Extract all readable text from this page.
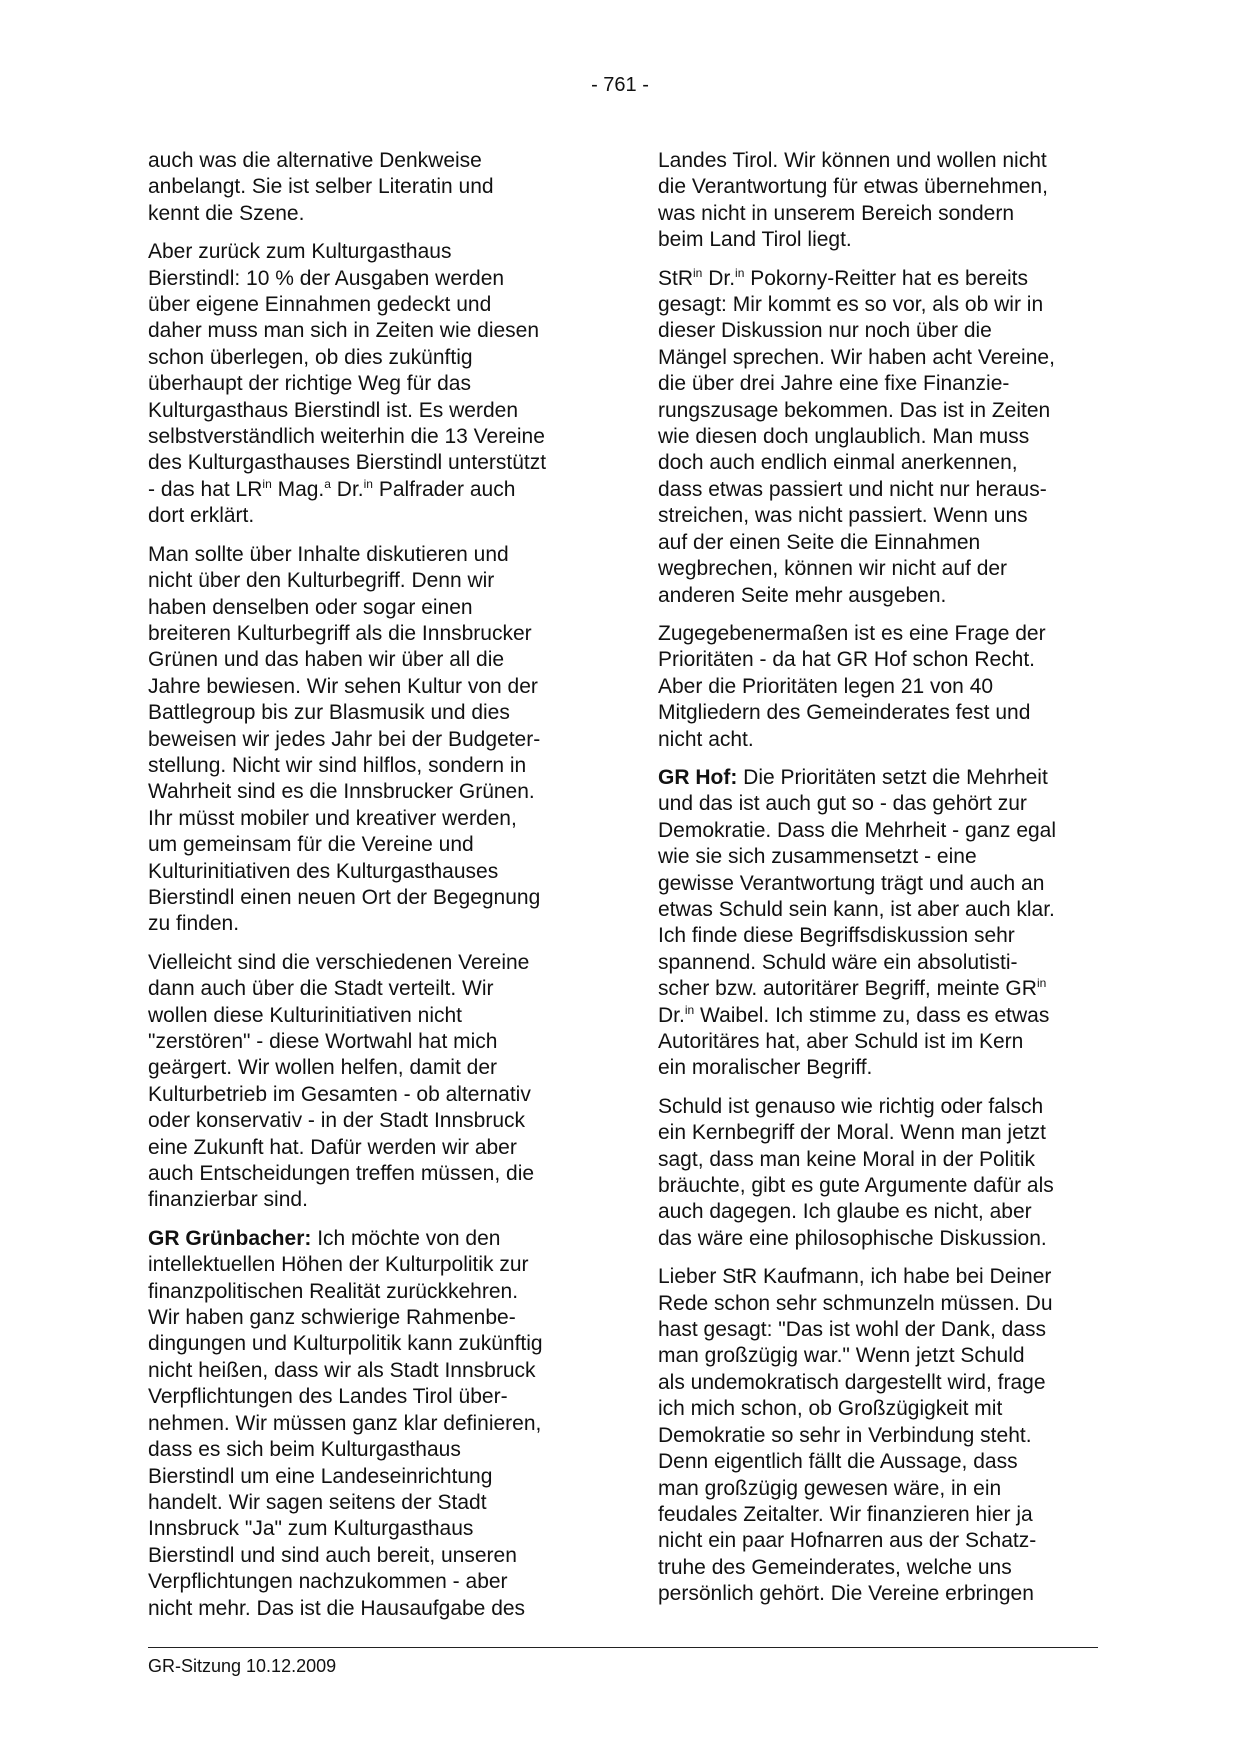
- 761 -
auch was die alternative Denkweise
anbelangt. Sie ist selber Literatin und
kennt die Szene.
Aber zurück zum Kulturgasthaus
Bierstindl: 10 % der Ausgaben werden
über eigene Einnahmen gedeckt und
daher muss man sich in Zeiten wie diesen
schon überlegen, ob dies zukünftig
überhaupt der richtige Weg für das
Kulturgasthaus Bierstindl ist. Es werden
selbstverständlich weiterhin die 13 Vereine
des Kulturgasthauses Bierstindl unterstützt
- das hat $LR^{in}$ Mag.$^a$ Dr.$^{in}$ Palfrader auch
dort erklärt.
Man sollte über Inhalte diskutieren und
nicht über den Kulturbegriff. Denn wir
haben denselben oder sogar einen
breiteren Kulturbegriff als die Innsbrucker
Grünen und das haben wir über all die
Jahre bewiesen. Wir sehen Kultur von der
Battlegroup bis zur Blasmusik und dies
beweisen wir jedes Jahr bei der Budgeter-
stellung. Nicht wir sind hilflos, sondern in
Wahrheit sind es die Innsbrucker Grünen.
Ihr müsst mobiler und kreativer werden,
um gemeinsam für die Vereine und
Kulturinitiativen des Kulturgasthauses
Bierstindl einen neuen Ort der Begegnung
zu finden.
Vielleicht sind die verschiedenen Vereine
dann auch über die Stadt verteilt. Wir
wollen diese Kulturinitiativen nicht
"zerstören" - diese Wortwahl hat mich
geärgert. Wir wollen helfen, damit der
Kulturbetrieb im Gesamten - ob alternativ
oder konservativ - in der Stadt Innsbruck
eine Zukunft hat. Dafür werden wir aber
auch Entscheidungen treffen müssen, die
finanzierbar sind.
GR Grünbacher: Ich möchte von den
intellektuellen Höhen der Kulturpolitik zur
finanzpolitischen Realität zurückkehren.
Wir haben ganz schwierige Rahmenbe-
dingungen und Kulturpolitik kann zukünftig
nicht heißen, dass wir als Stadt Innsbruck
Verpflichtungen des Landes Tirol über-
nehmen. Wir müssen ganz klar definieren,
dass es sich beim Kulturgasthaus
Bierstindl um eine Landeseinrichtung
handelt. Wir sagen seitens der Stadt
Innsbruck "Ja" zum Kulturgasthaus
Bierstindl und sind auch bereit, unseren
Verpflichtungen nachzukommen - aber
nicht mehr. Das ist die Hausaufgabe des
Landes Tirol. Wir können und wollen nicht
die Verantwortung für etwas übernehmen,
was nicht in unserem Bereich sondern
beim Land Tirol liegt.
StR$^{in}$ Dr.$^{in}$ Pokorny-Reitter hat es bereits
gesagt: Mir kommt es so vor, als ob wir in
dieser Diskussion nur noch über die
Mängel sprechen. Wir haben acht Vereine,
die über drei Jahre eine fixe Finanzie-
rungszusage bekommen. Das ist in Zeiten
wie diesen doch unglaublich. Man muss
doch auch endlich einmal anerkennen,
dass etwas passiert und nicht nur heraus-
streichen, was nicht passiert. Wenn uns
auf der einen Seite die Einnahmen
wegbrechen, können wir nicht auf der
anderen Seite mehr ausgeben.
Zugegebenermaßen ist es eine Frage der
Prioritäten - da hat GR Hof schon Recht.
Aber die Prioritäten legen 21 von 40
Mitgliedern des Gemeinderates fest und
nicht acht.
GR Hof: Die Prioritäten setzt die Mehrheit
und das ist auch gut so - das gehört zur
Demokratie. Dass die Mehrheit - ganz egal
wie sie sich zusammensetzt - eine
gewisse Verantwortung trägt und auch an
etwas Schuld sein kann, ist aber auch klar.
Ich finde diese Begriffsdiskussion sehr
spannend. Schuld wäre ein absolutisti-
scher bzw. autoritärer Begriff, meinte $GR^{in}$
Dr.$^{in}$ Waibel. Ich stimme zu, dass es etwas
Autoritäres hat, aber Schuld ist im Kern
ein moralischer Begriff.
Schuld ist genauso wie richtig oder falsch
ein Kernbegriff der Moral. Wenn man jetzt
sagt, dass man keine Moral in der Politik
bräuchte, gibt es gute Argumente dafür als
auch dagegen. Ich glaube es nicht, aber
das wäre eine philosophische Diskussion.
Lieber StR Kaufmann, ich habe bei Deiner
Rede schon sehr schmunzeln müssen. Du
hast gesagt: "Das ist wohl der Dank, dass
man großzügig war." Wenn jetzt Schuld
als undemokratisch dargestellt wird, frage
ich mich schon, ob Großzügigkeit mit
Demokratie so sehr in Verbindung steht.
Denn eigentlich fällt die Aussage, dass
man großzügig gewesen wäre, in ein
feudales Zeitalter. Wir finanzieren hier ja
nicht ein paar Hofnarren aus der Schatz-
truhe des Gemeinderates, welche uns
persönlich gehört. Die Vereine erbringen
GR-Sitzung 10.12.2009
